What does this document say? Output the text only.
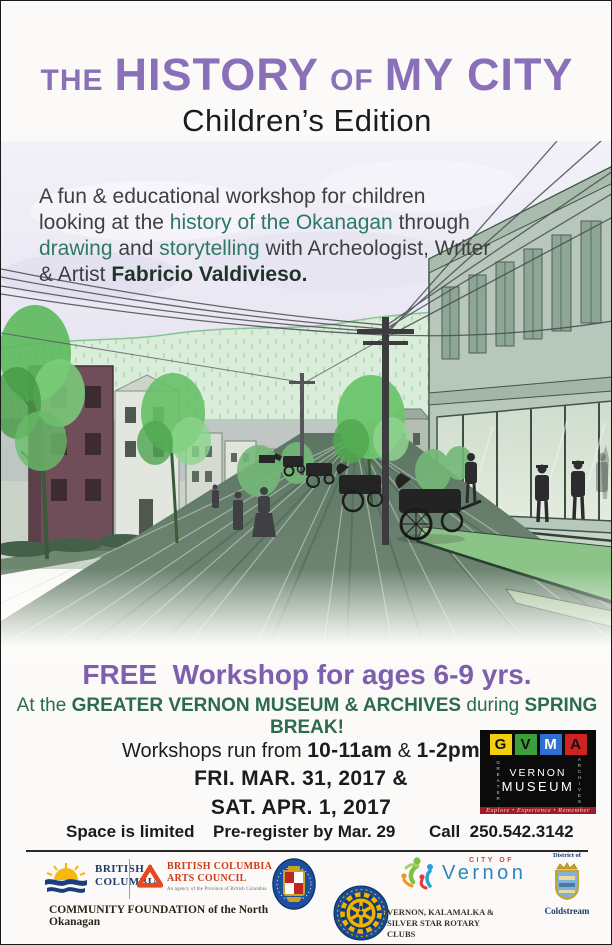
THE HISTORY OF MY CITY
Children’s Edition
A fun & educational workshop for children looking at the history of the Okanagan through drawing and storytelling with Archeologist, Writer & Artist Fabricio Valdivieso.
FREE  Workshop for ages 6-9 yrs.
At the GREATER VERNON MUSEUM & ARCHIVES during SPRING BREAK!
Workshops run from 10-11am & 1-2pm
FRI. MAR. 31, 2017 &
SAT. APR. 1, 2017
G V M A
GREATER VERNON
MUSEUM ARCHIVES
Explore • Experience • Remember
Space is limited Pre-register by Mar. 29 Call  250.542.3142
BRITISH
COLUMBIA
BRITISH COLUMBIA
ARTS COUNCIL
An agency of the Province of British Columbia
COMMUNITY FOUNDATION of the North Okanagan
CITY OF
Vernon
VERNON, KALAMALKA &
SILVER STAR ROTARY CLUBS
District of
Coldstream
